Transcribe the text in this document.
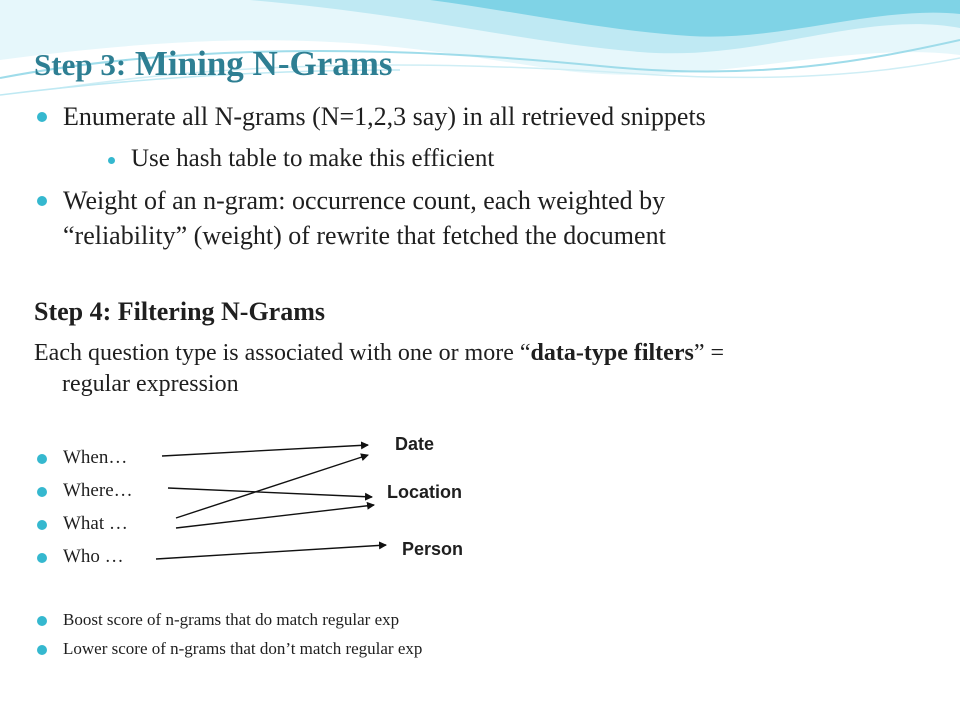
Step 3: Mining N-Grams
Enumerate all N-grams (N=1,2,3 say) in all retrieved snippets
Use hash table to make this efficient
Weight of an n-gram: occurrence count, each weighted by
“reliability” (weight) of rewrite that fetched the document
Step 4: Filtering N-Grams
Each question type is associated with one or more “data-type filters” =
regular expression
When…
Where…
What …
Who …
Date
Location
Person
Boost score of n-grams that do match regular exp
Lower score of n-grams that don’t match regular exp
